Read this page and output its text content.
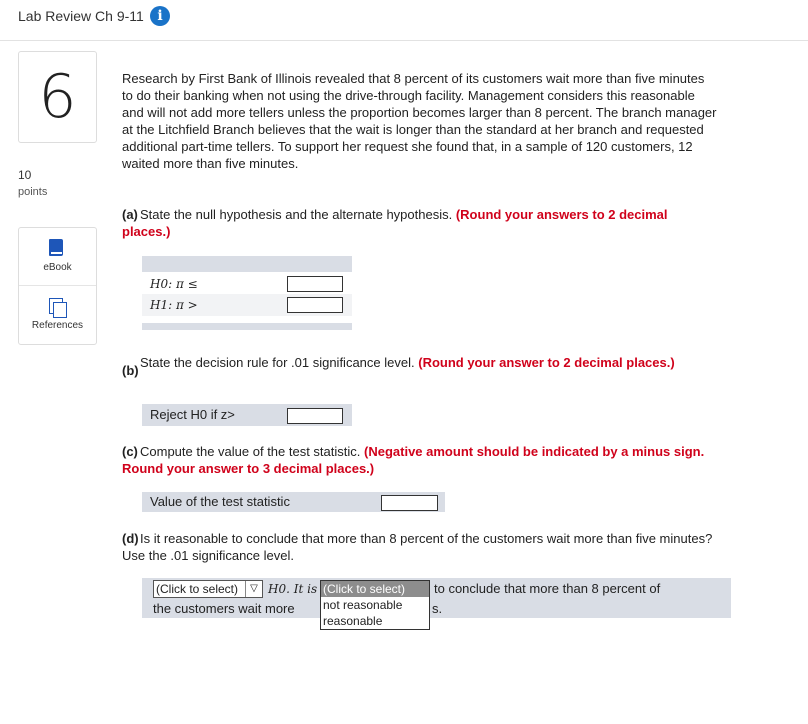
Lab Review Ch 9-11 i
6
10
points
eBook
References
Research by First Bank of Illinois revealed that 8 percent of its customers wait more than five minutes to do their banking when not using the drive-through facility. Management considers this reasonable and will not add more tellers unless the proportion becomes larger than 8 percent. The branch manager at the Litchfield Branch believes that the wait is longer than the standard at her branch and requested additional part-time tellers. To support her request she found that, in a sample of 120 customers, 12 waited more than five minutes.
(a) State the null hypothesis and the alternate hypothesis. (Round your answers to 2 decimal places.)
H0: π ≤
H1: π >
(b)
State the decision rule for .01 significance level. (Round your answer to 2 decimal places.)
Reject H0 if z>
(c) Compute the value of the test statistic. (Negative amount should be indicated by a minus sign. Round your answer to 3 decimal places.)
Value of the test statistic
(d)Is it reasonable to conclude that more than 8 percent of the customers wait more than five minutes? Use the .01 significance level.
(Click to select)	▽ H0. It is	to conclude that more than 8 percent of
the customers wait more	s.
(Click to select)
not reasonable
reasonable
